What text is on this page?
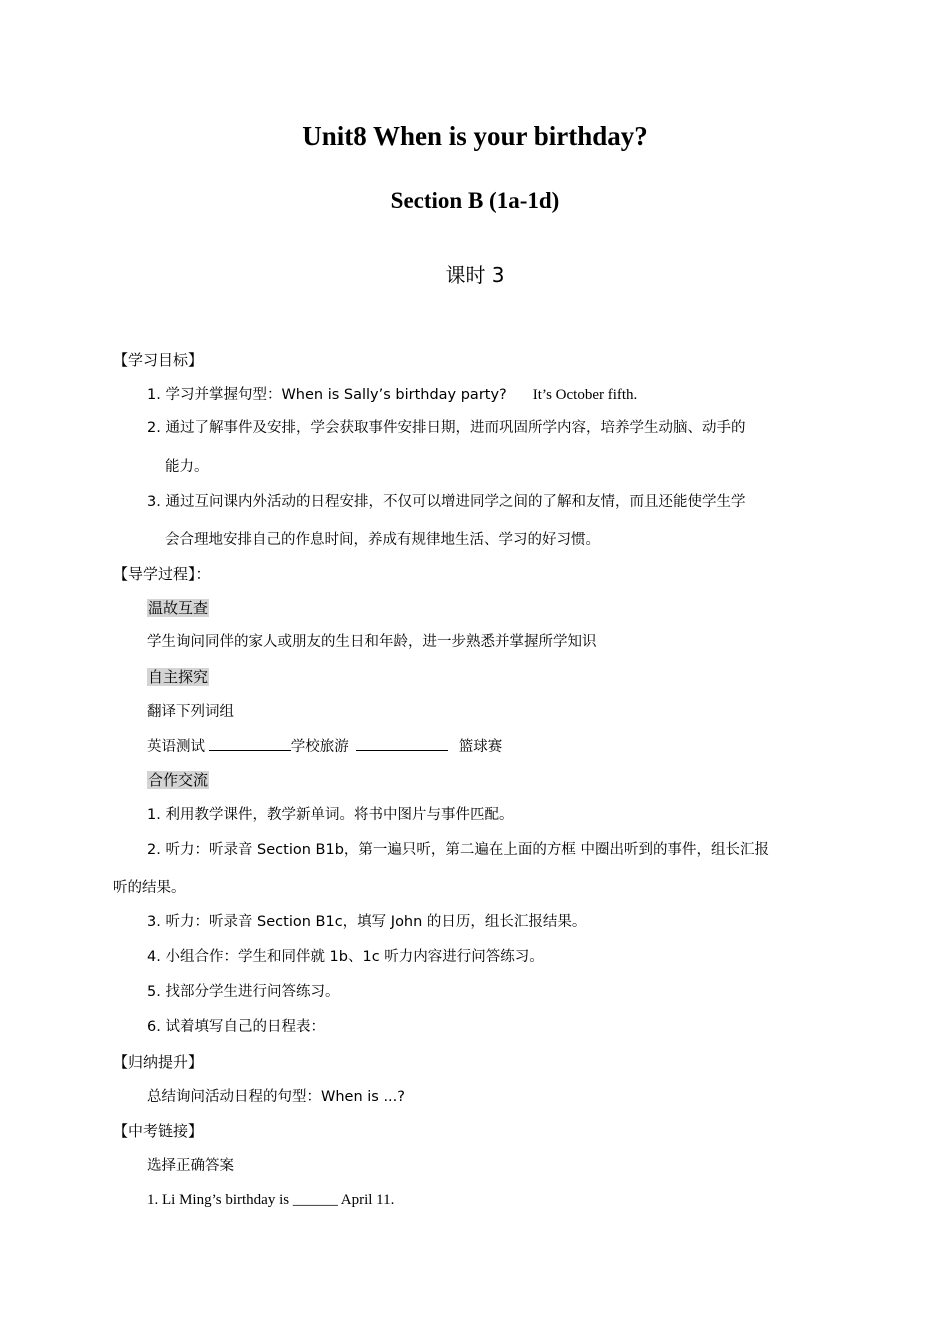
Unit8 When is your birthday?
Section B (1a-1d)
课时 3
【学习目标】
1. 学习并掌握句型：When is Sally’s birthday party? It’s October fifth.
2. 通过了解事件及安排，学会获取事件安排日期，进而巩固所学内容，培养学生动脑、动手的
能力。
3. 通过互问课内外活动的日程安排，不仅可以增进同学之间的了解和友情，而且还能使学生学
会合理地安排自己的作息时间，养成有规律地生活、学习的好习惯。
【导学过程】：
温故互查
学生询问同伴的家人或朋友的生日和年龄，进一步熟悉并掌握所学知识
自主探究
翻译下列词组
英语测试	学校旅游	篮球赛
合作交流
1. 利用教学课件，教学新单词。将书中图片与事件匹配。
2. 听力：听录音 Section B1b，第一遍只听，第二遍在上面的方框 中圈出听到的事件，组长汇报
听的结果。
3. 听力：听录音 Section B1c，填写 John 的日历，组长汇报结果。
4. 小组合作：学生和同伴就 1b、1c 听力内容进行问答练习。
5. 找部分学生进行问答练习。
6. 试着填写自己的日程表：
【归纳提升】
总结询问活动日程的句型：When is ...?
【中考链接】
选择正确答案
1. Li Ming’s birthday is ______ April 11.
